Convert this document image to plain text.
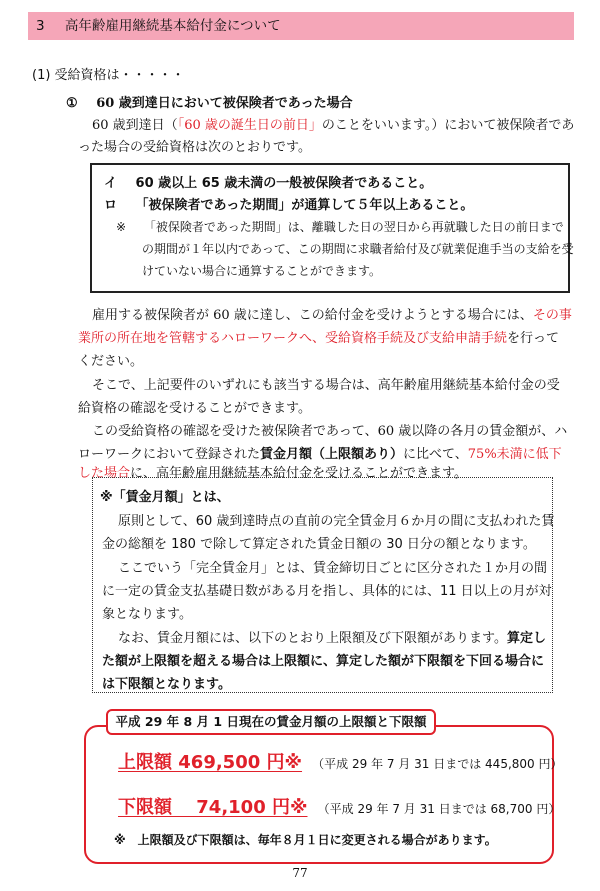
3 高年齢雇用継続基本給付金について
(1) 受給資格は・・・・・
① 60 歳到達日において被保険者であった場合
60 歳到達日（「60 歳の誕生日の前日」のことをいいます。）において被保険者であ
った場合の受給資格は次のとおりです。
イ 60 歳以上 65 歳未満の一般被保険者であること。
ロ 「被保険者であった期間」が通算して５年以上あること。
※ 「被保険者であった期間」は、離職した日の翌日から再就職した日の前日まで
の期間が１年以内であって、この期間に求職者給付及び就業促進手当の支給を受
けていない場合に通算することができます。
雇用する被保険者が 60 歳に達し、この給付金を受けようとする場合には、その事
業所の所在地を管轄するハローワークへ、受給資格手続及び支給申請手続を行って
ください。
そこで、上記要件のいずれにも該当する場合は、高年齢雇用継続基本給付金の受
給資格の確認を受けることができます。
この受給資格の確認を受けた被保険者であって、60 歳以降の各月の賃金額が、ハ
ローワークにおいて登録された賃金月額（上限額あり）に比べて、75%未満に低下
した場合に、高年齢雇用継続基本給付金を受けることができます。
※「賃金月額」とは、
原則として、60 歳到達時点の直前の完全賃金月６か月の間に支払われた賃
金の総額を 180 で除して算定された賃金日額の 30 日分の額となります。
ここでいう「完全賃金月」とは、賃金締切日ごとに区分された１か月の間
に一定の賃金支払基礎日数がある月を指し、具体的には、11 日以上の月が対
象となります。
なお、賃金月額には、以下のとおり上限額及び下限額があります。算定し
た額が上限額を超える場合は上限額に、算定した額が下限額を下回る場合に
は下限額となります。
平成 29 年 8 月 1 日現在の賃金月額の上限額と下限額
上限額 469,500 円※ （平成 29 年 7 月 31 日までは 445,800 円）
下限額　 74,100 円※ （平成 29 年 7 月 31 日までは 68,700 円）
※　上限額及び下限額は、毎年８月１日に変更される場合があります。
77
